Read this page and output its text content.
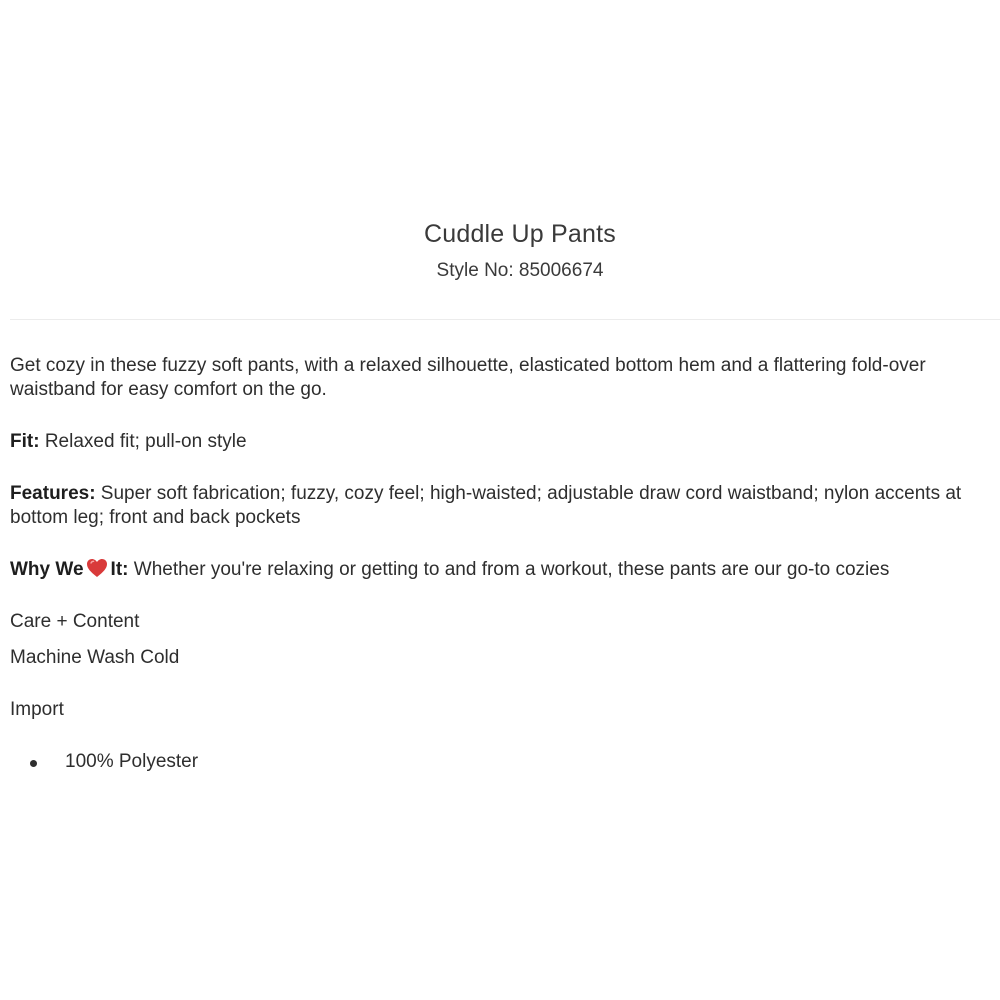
Cuddle Up Pants
Style No: 85006674

Get cozy in these fuzzy soft pants, with a relaxed silhouette, elasticated bottom hem and a flattering fold-over waistband for easy comfort on the go.

Fit: Relaxed fit; pull-on style

Features: Super soft fabrication; fuzzy, cozy feel; high-waisted; adjustable draw cord waistband; nylon accents at bottom leg; front and back pockets

Why We It: Whether you're relaxing or getting to and from a workout, these pants are our go-to cozies

Care + Content

Machine Wash Cold

Import

100% Polyester
